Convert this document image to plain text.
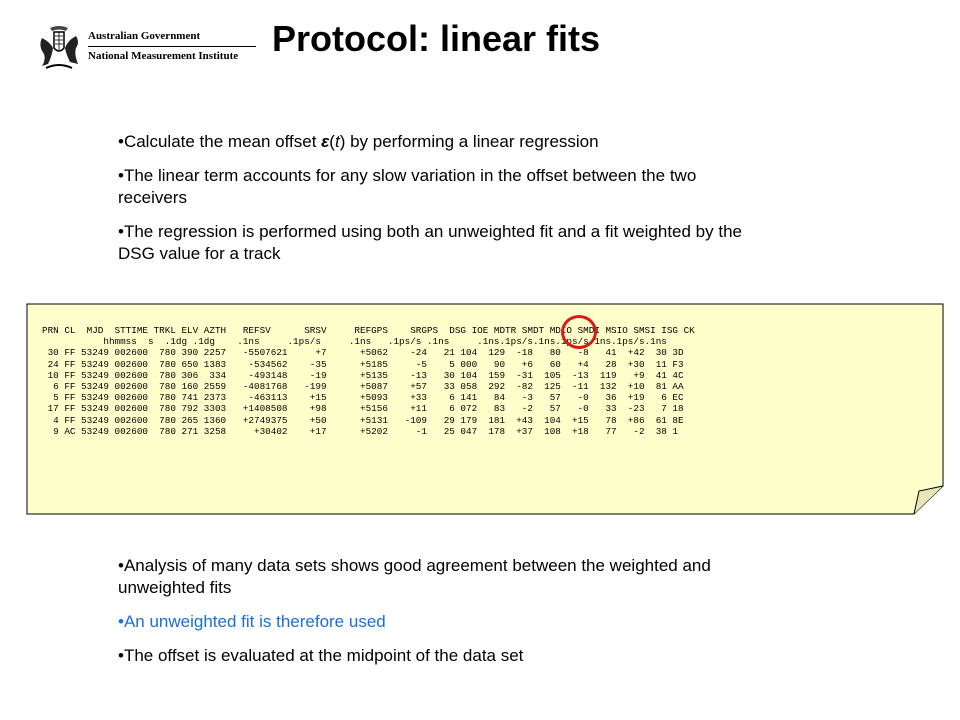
Australian Government
National Measurement Institute Protocol: linear fits
•Calculate the mean offset ε(t) by performing a linear regression
•The linear term accounts for any slow variation in the offset between the two receivers
•The regression is performed using both an unweighted fit and a fit weighted by the DSG value for a track
PRN CL  MJD  STTIME TRKL ELV AZTH   REFSV      SRSV     REFGPS    SRGPS  DSG IOE MDTR SMDT MDIO SMDI MSIO SMSI ISG CK
hhmmss  s  .1dg .1dg    .1ns     .1ps/s     .1ns   .1ps/s .1ns     .1ns.1ps/s.1ns.1ps/s.1ns.1ps/s.1ns
30 FF 53249 002600  780 390 2257   -5507621     +7      +5062    -24   21 104  129  -18   80   -8   41  +42  30 3D
24 FF 53249 002600  780 650 1383    -534562    -35      +5185     -5    5 000   90   +6   60   +4   28  +30  11 F3
10 FF 53249 002600  780 306  334    -493148    -19      +5135    -13   30 104  159  -31  105  -13  119   +9  41 4C
6 FF 53249 002600  780 160 2559   -4081768   -199      +5087    +57   33 058  292  -82  125  -11  132  +10  81 AA
5 FF 53249 002600  780 741 2373    -463113    +15      +5093    +33    6 141   84   -3   57   -0   36  +19   6 EC
17 FF 53249 002600  780 792 3303   +1408508    +98      +5156    +11    6 072   83   -2   57   -0   33  -23   7 18
4 FF 53249 002600  780 265 1360   +2749375    +50      +5131   -109   29 179  181  +43  104  +15   78  +86  61 8E
9 AC 53249 002600  780 271 3258     +30402    +17      +5202     -1   25 047  178  +37  108  +18   77   -2  38 1
•Analysis of many data sets shows good agreement between the weighted and unweighted fits
•An unweighted fit is therefore used
•The offset is evaluated at the midpoint of the data set
